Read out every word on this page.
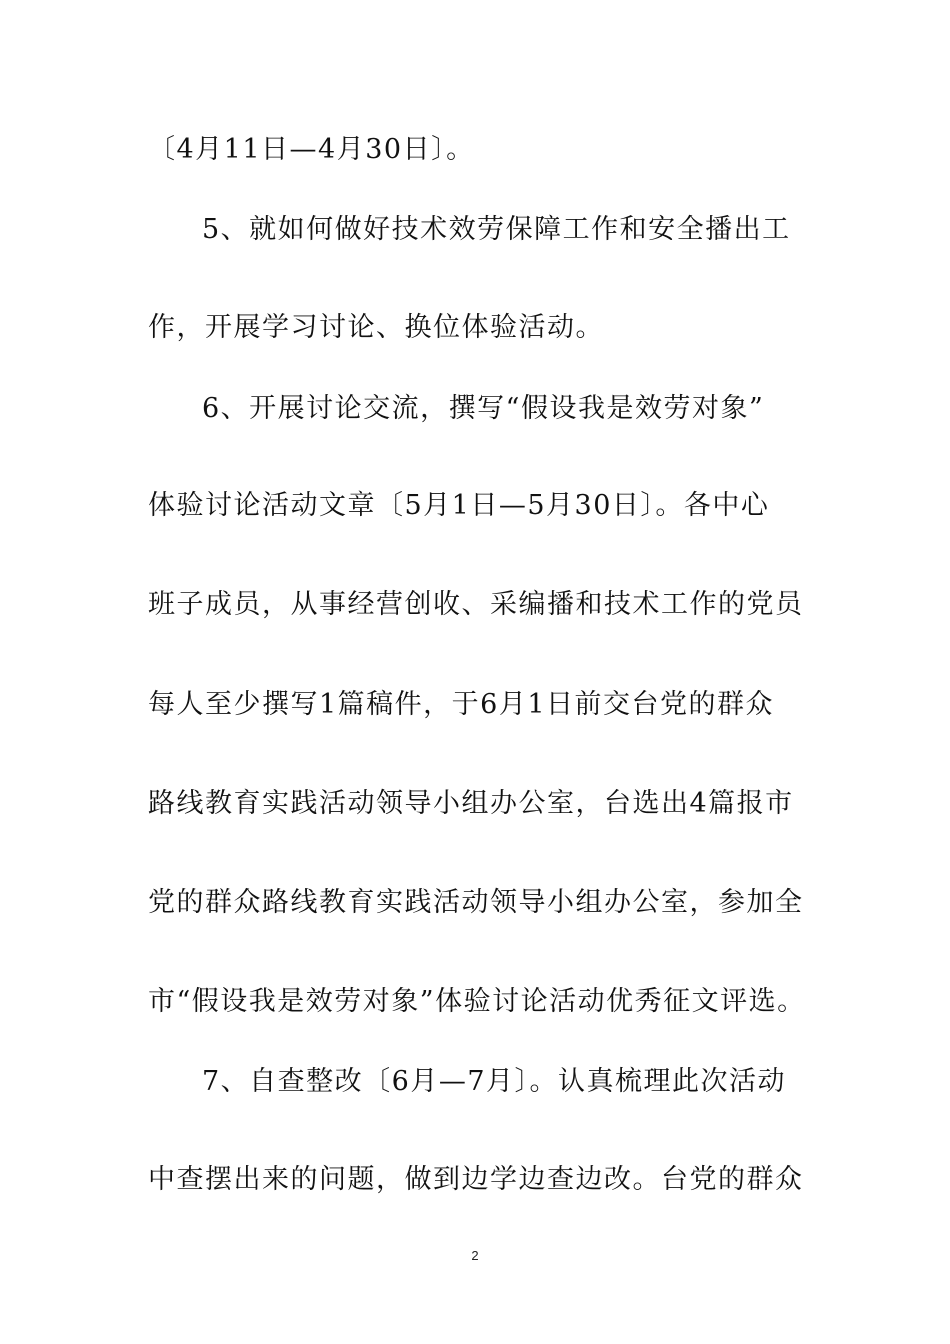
〔4月11日—4月30日〕。
5、就如何做好技术效劳保障工作和安全播出工
作，开展学习讨论、换位体验活动。
6、开展讨论交流，撰写“假设我是效劳对象”
体验讨论活动文章〔5月1日—5月30日〕。各中心
班子成员，从事经营创收、采编播和技术工作的党员
每人至少撰写1篇稿件，于6月1日前交台党的群众
路线教育实践活动领导小组办公室，台选出4篇报市
党的群众路线教育实践活动领导小组办公室，参加全
市“假设我是效劳对象”体验讨论活动优秀征文评选。
7、自查整改〔6月—7月〕。认真梳理此次活动
中查摆出来的问题，做到边学边查边改。台党的群众
2
